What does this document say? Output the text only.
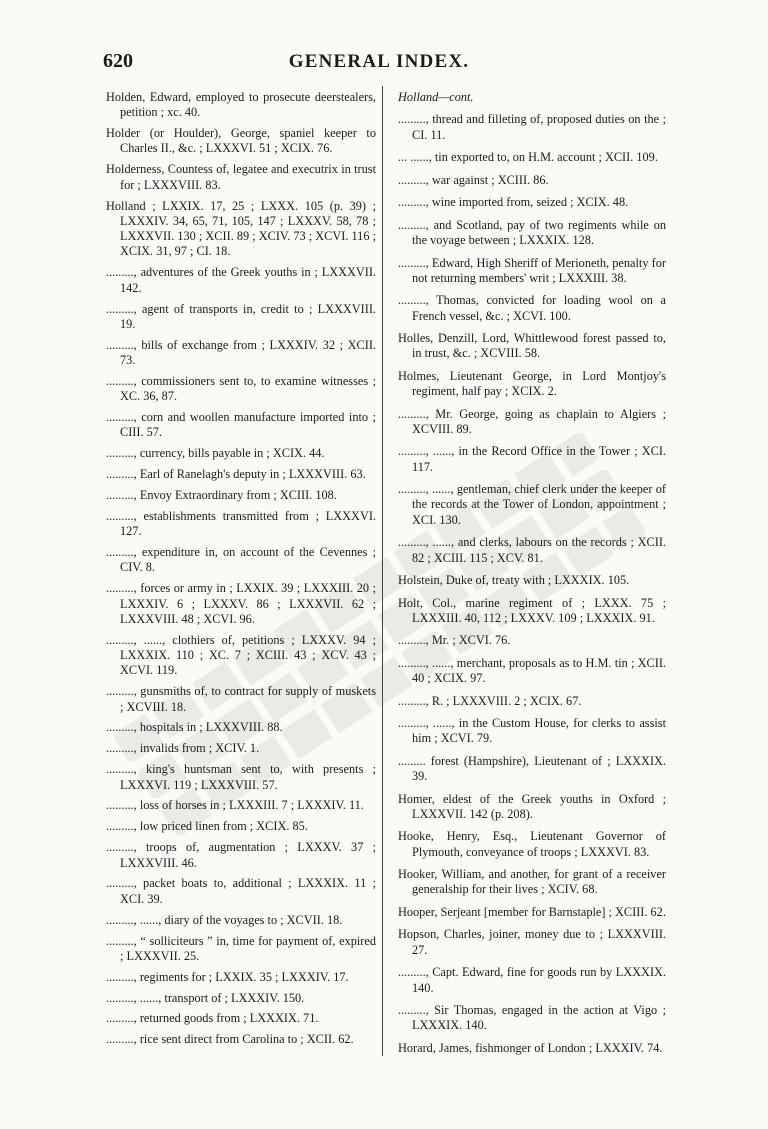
620	GENERAL INDEX.
Holden, Edward, employed to prosecute deerstealers, petition ; xc. 40.
Holder (or Houlder), George, spaniel keeper to Charles II., &c. ; LXXXVI. 51 ; XCIX. 76.
Holderness, Countess of, legatee and executrix in trust for ; LXXXVIII. 83.
Holland ; LXXIX. 17, 25 ; LXXX. 105 (p. 39) ; LXXXIV. 34, 65, 71, 105, 147 ; LXXXV. 58, 78 ; LXXXVII. 130 ; XCII. 89 ; XCIV. 73 ; XCVI. 116 ; XCIX. 31, 97 ; CI. 18.
........., adventures of the Greek youths in ; LXXXVII. 142.
........., agent of transports in, credit to ; LXXXVIII. 19.
........., bills of exchange from ; LXXXIV. 32 ; XCII. 73.
........., commissioners sent to, to examine witnesses ; XC. 36, 87.
........., corn and woollen manufacture imported into ; CIII. 57.
........., currency, bills payable in ; XCIX. 44.
........., Earl of Ranelagh's deputy in ; LXXXVIII. 63.
........., Envoy Extraordinary from ; XCIII. 108.
........., establishments transmitted from ; LXXXVI. 127.
........., expenditure in, on account of the Cevennes ; CIV. 8.
........., forces or army in ; LXXIX. 39 ; LXXXIII. 20 ; LXXXIV. 6 ; LXXXV. 86 ; LXXXVII. 62 ; LXXXVIII. 48 ; XCVI. 96.
........., ......, clothiers of, petitions ; LXXXV. 94 ; LXXXIX. 110 ; XC. 7 ; XCIII. 43 ; XCV. 43 ; XCVI. 119.
........., gunsmiths of, to contract for supply of muskets ; XCVIII. 18.
........., hospitals in ; LXXXVIII. 88.
........., invalids from ; XCIV. 1.
........., king's huntsman sent to, with presents ; LXXXVI. 119 ; LXXXVIII. 57.
........., loss of horses in ; LXXXIII. 7 ; LXXXIV. 11.
........., low priced linen from ; XCIX. 85.
........., troops of, augmentation ; LXXXV. 37 ; LXXXVIII. 46.
........., packet boats to, additional ; LXXXIX. 11 ; XCI. 39.
........., ......, diary of the voyages to ; XCVII. 18.
........., “ solliciteurs ” in, time for payment of, expired ; LXXXVII. 25.
........., regiments for ; LXXIX. 35 ; LXXXIV. 17.
........., ......, transport of ; LXXXIV. 150.
........., returned goods from ; LXXXIX. 71.
........., rice sent direct from Carolina to ; XCII. 62.
Holland—cont.
........., thread and filleting of, proposed duties on the ; CI. 11.
... ......, tin exported to, on H.M. account ; XCII. 109.
........., war against ; XCIII. 86.
........., wine imported from, seized ; XCIX. 48.
........., and Scotland, pay of two regiments while on the voyage between ; LXXXIX. 128.
........., Edward, High Sheriff of Merioneth, penalty for not returning members' writ ; LXXXIII. 38.
........., Thomas, convicted for loading wool on a French vessel, &c. ; XCVI. 100.
Holles, Denzill, Lord, Whittlewood forest passed to, in trust, &c. ; XCVIII. 58.
Holmes, Lieutenant George, in Lord Montjoy's regiment, half pay ; XCIX. 2.
........., Mr. George, going as chaplain to Algiers ; XCVIII. 89.
........., ......, in the Record Office in the Tower ; XCI. 117.
........., ......, gentleman, chief clerk under the keeper of the records at the Tower of London, appointment ; XCI. 130.
........., ......, and clerks, labours on the records ; XCII. 82 ; XCIII. 115 ; XCV. 81.
Holstein, Duke of, treaty with ; LXXXIX. 105.
Holt, Col., marine regiment of ; LXXX. 75 ; LXXXIII. 40, 112 ; LXXXV. 109 ; LXXXIX. 91.
........., Mr. ; XCVI. 76.
........., ......, merchant, proposals as to H.M. tin ; XCII. 40 ; XCIX. 97.
........., R. ; LXXXVIII. 2 ; XCIX. 67.
........., ......, in the Custom House, for clerks to assist him ; XCVI. 79.
......... forest (Hampshire), Lieutenant of ; LXXXIX. 39.
Homer, eldest of the Greek youths in Oxford ; LXXXVII. 142 (p. 208).
Hooke, Henry, Esq., Lieutenant Governor of Plymouth, conveyance of troops ; LXXXVI. 83.
Hooker, William, and another, for grant of a receiver generalship for their lives ; XCIV. 68.
Hooper, Serjeant [member for Barnstaple] ; XCIII. 62.
Hopson, Charles, joiner, money due to ; LXXXVIII. 27.
........., Capt. Edward, fine for goods run by LXXXIX. 140.
........., Sir Thomas, engaged in the action at Vigo ; LXXXIX. 140.
Horard, James, fishmonger of London ; LXXXIV. 74.
